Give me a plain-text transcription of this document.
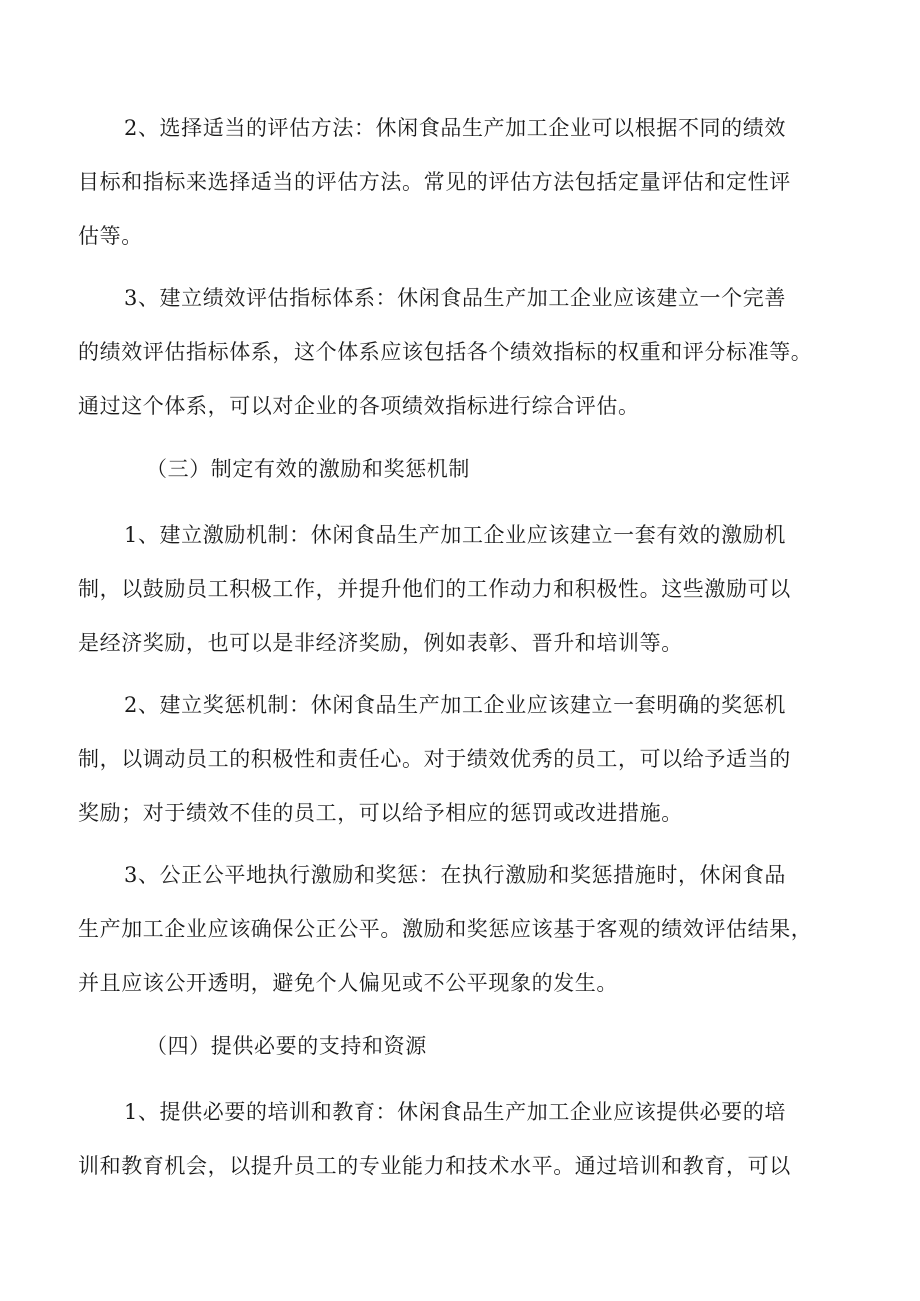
2、选择适当的评估方法：休闲食品生产加工企业可以根据不同的绩效
目标和指标来选择适当的评估方法。常见的评估方法包括定量评估和定性评
估等。
3、建立绩效评估指标体系：休闲食品生产加工企业应该建立一个完善
的绩效评估指标体系，这个体系应该包括各个绩效指标的权重和评分标准等。
通过这个体系，可以对企业的各项绩效指标进行综合评估。
（三）制定有效的激励和奖惩机制
1、建立激励机制：休闲食品生产加工企业应该建立一套有效的激励机
制，以鼓励员工积极工作，并提升他们的工作动力和积极性。这些激励可以
是经济奖励，也可以是非经济奖励，例如表彰、晋升和培训等。
2、建立奖惩机制：休闲食品生产加工企业应该建立一套明确的奖惩机
制，以调动员工的积极性和责任心。对于绩效优秀的员工，可以给予适当的
奖励；对于绩效不佳的员工，可以给予相应的惩罚或改进措施。
3、公正公平地执行激励和奖惩：在执行激励和奖惩措施时，休闲食品
生产加工企业应该确保公正公平。激励和奖惩应该基于客观的绩效评估结果，
并且应该公开透明，避免个人偏见或不公平现象的发生。
（四）提供必要的支持和资源
1、提供必要的培训和教育：休闲食品生产加工企业应该提供必要的培
训和教育机会，以提升员工的专业能力和技术水平。通过培训和教育，可以
